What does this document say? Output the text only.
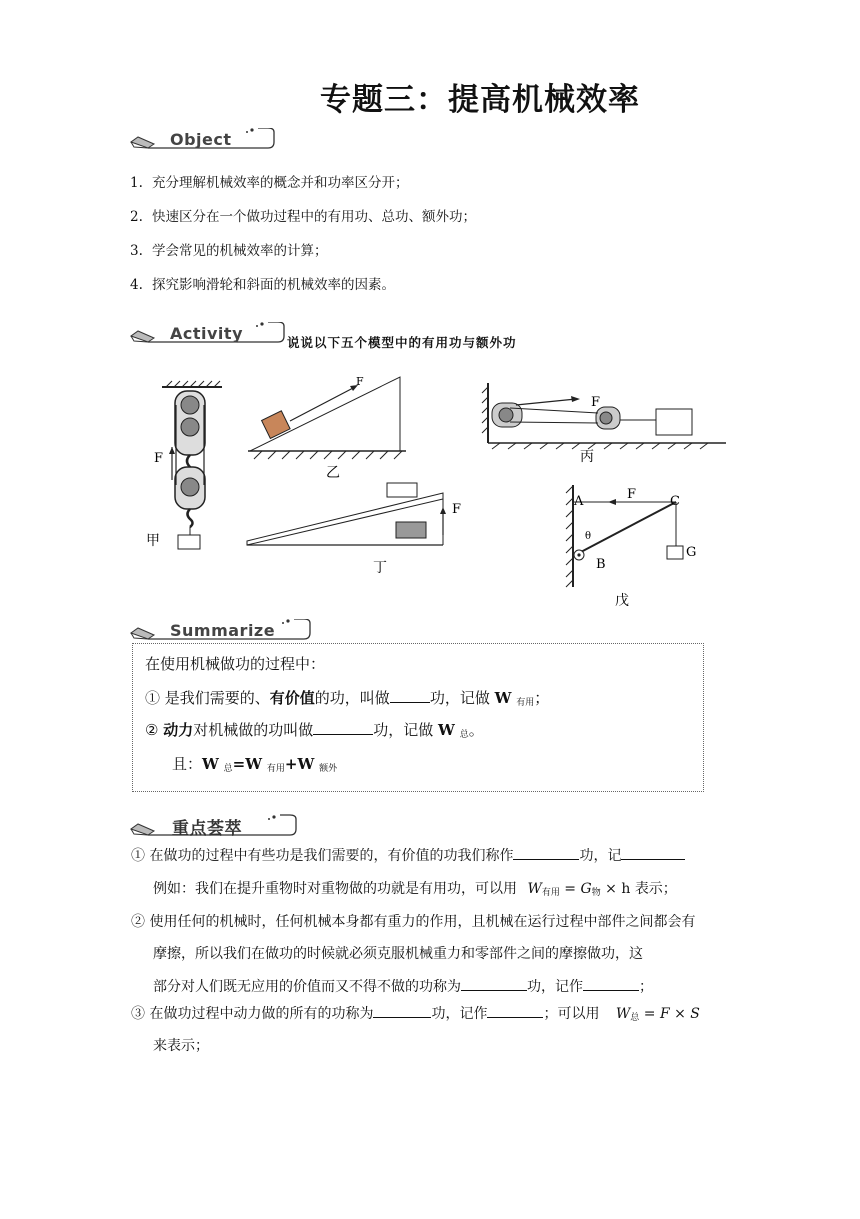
专题三：提高机械效率
Object
1. 充分理解机械效率的概念并和功率区分开；
2. 快速区分在一个做功过程中的有用功、总功、额外功；
3. 学会常见的机械效率的计算；
4. 探究影响滑轮和斜面的机械效率的因素。
Activity	说说以下五个模型中的有用功与额外功
F
甲
F
乙
F
丙
F
丁
A	F	C
θ
B
G
戊
Summarize
在使用机械做功的过程中：
① 是我们需要的、有价值的功，叫做	功，记做 W $_{有用}$；
② 动力对机械做的功叫做	功，记做 W $_总$。
且：W $_总$=W $_{有用}$+W $_{额外}$
重点荟萃
① 在做功的过程中有些功是我们需要的，有价值的功我们称作	功，记
例如：我们在提升重物时对重物做的功就是有用功，可以用 $W_{有用} = G_物 \times h$ 表示；
② 使用任何的机械时，任何机械本身都有重力的作用，且机械在运行过程中部件之间都会有
摩擦，所以我们在做功的时候就必须克服机械重力和零部件之间的摩擦做功，这
部分对人们既无应用的价值而又不得不做的功称为	功，记作	；
③ 在做功过程中动力做的所有的功称为	功，记作	；可以用 $W_总 = F \times S$
来表示；
